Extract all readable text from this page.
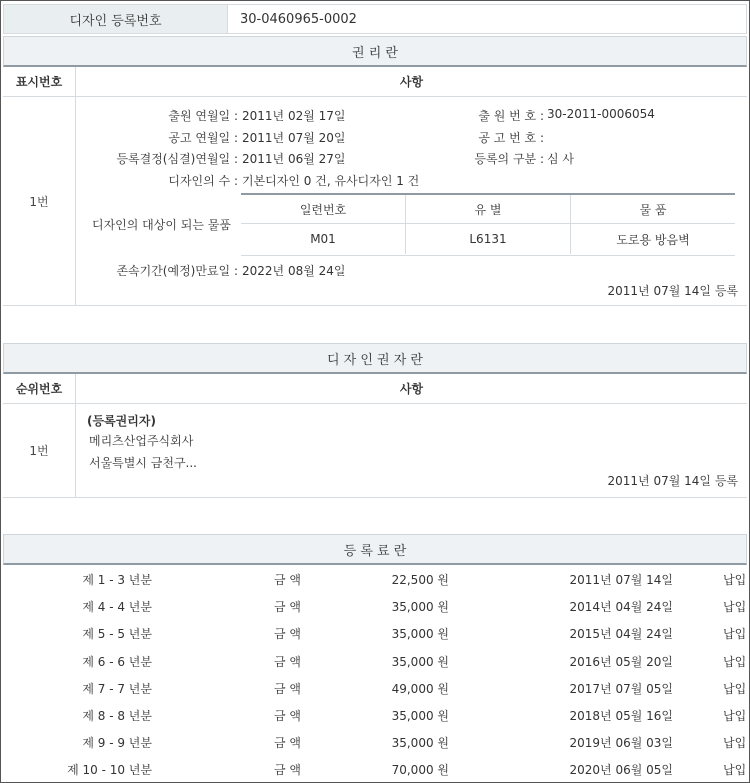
디자인 등록번호	30-0460965-0002
권 리 란
표시번호	사항
1번
출원 연월일 : 2011년 02월 17일	출 원 번 호 : 30-2011-0006054
공고 연월일 : 2011년 07월 20일	공 고 번 호 :
등록결정(심결)연월일 : 2011년 06월 27일	등록의 구분 : 심 사
디자인의 수 : 기본디자인 0 건, 유사디자인 1 건
디자인의 대상이 되는 물품
일련번호	유 별	물 품
M01	L6131	도로용 방음벽
존속기간(예정)만료일 : 2022년 08월 24일
2011년 07월 14일 등록
디 자 인 권 자 란
순위번호	사항
1번
(등록권리자)
메리츠산업주식회사
서울특별시 금천구...
2011년 07월 14일 등록
등 록 료 란
제 1 - 3 년분	금 액	22,500 원	2011년 07월 14일	납입
제 4 - 4 년분	금 액	35,000 원	2014년 04월 24일	납입
제 5 - 5 년분	금 액	35,000 원	2015년 04월 24일	납입
제 6 - 6 년분	금 액	35,000 원	2016년 05월 20일	납입
제 7 - 7 년분	금 액	49,000 원	2017년 07월 05일	납입
제 8 - 8 년분	금 액	35,000 원	2018년 05월 16일	납입
제 9 - 9 년분	금 액	35,000 원	2019년 06월 03일	납입
제 10 - 10 년분	금 액	70,000 원	2020년 06월 05일	납입
